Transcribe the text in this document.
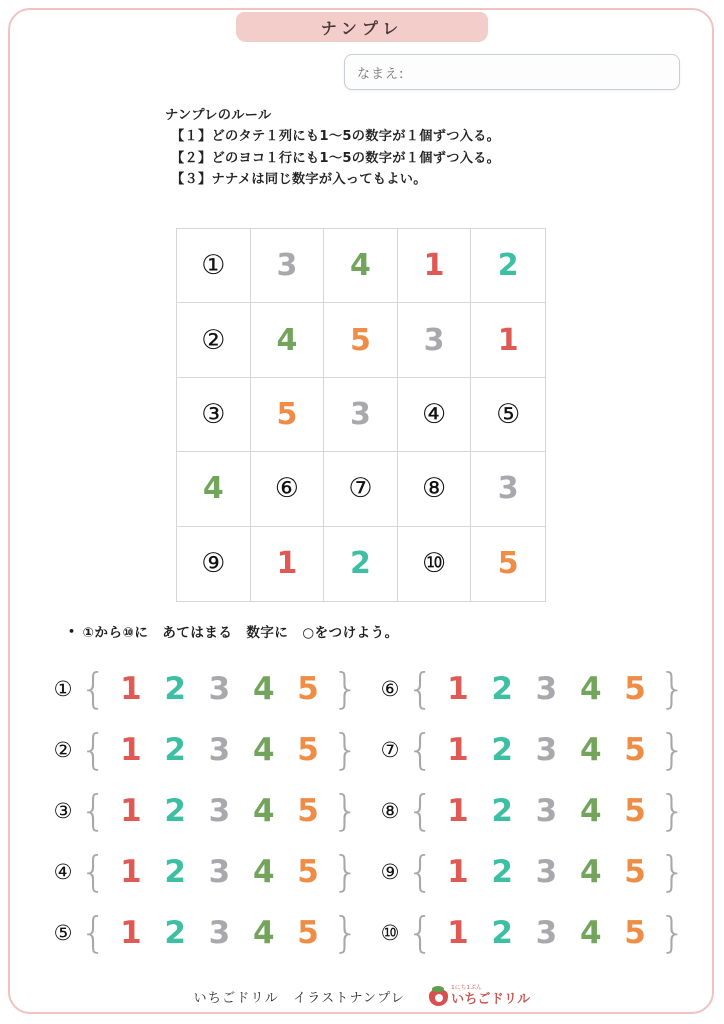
ナンプレ
なまえ:
ナンプレのルール
【１】どのタテ１列にも1〜5の数字が１個ずつ入る。
【２】どのヨコ１行にも1〜5の数字が１個ずつ入る。
【３】ナナメは同じ数字が入ってもよい。
①	3	4	1	2
②	4	5	3	1
③	5	3	④	⑤
4	⑥	⑦	⑧	3
⑨	1	2	⑩	5
• ①から⑩に　あてはまる　数字に　○をつけよう。
① { 1 2 3 4 5 } ⑥ { 1 2 3 4 5 }
② { 1 2 3 4 5 } ⑦ { 1 2 3 4 5 }
③ { 1 2 3 4 5 } ⑧ { 1 2 3 4 5 }
④ { 1 2 3 4 5 } ⑨ { 1 2 3 4 5 }
⑤ { 1 2 3 4 5 } ⑩ { 1 2 3 4 5 }
いちごドリル　イラストナンプレ
1にち1ぷん
いちごドリル
